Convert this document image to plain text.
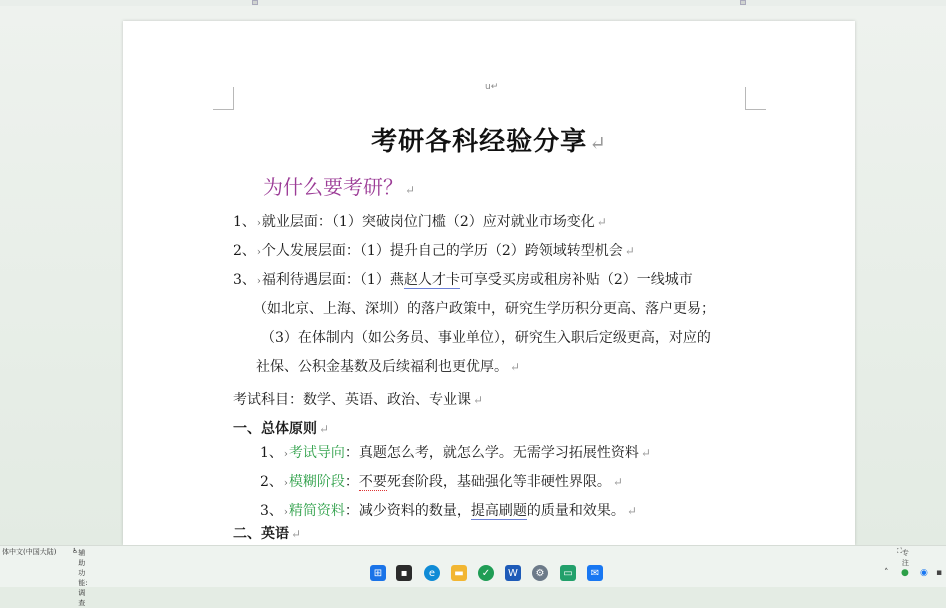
u↵
考研各科经验分享 ↵
为什么要考研？ ↵
1、›就业层面：（1）突破岗位门槛（2）应对就业市场变化 ↵
2、›个人发展层面：（1）提升自己的学历（2）跨领域转型机会 ↵
3、›福利待遇层面：（1）燕赵人才卡可享受买房或租房补贴（2）一线城市
（如北京、上海、深圳）的落户政策中，研究生学历积分更高、落户更易；
（3）在体制内（如公务员、事业单位），研究生入职后定级更高，对应的
社保、公积金基数及后续福利也更优厚。 ↵
考试科目：数学、英语、政治、专业课 ↵
一、总体原则 ↵
1、›考试导向：真题怎么考，就怎么学。无需学习拓展性资料 ↵
2、›模糊阶段：不要死套阶段，基础强化等非硬性界限。 ↵
3、›精简资料：减少资料的数量，提高刷题的质量和效果。 ↵
二、英语 ↵
体中文(中国大陆) ♿ 辅助功能: 调查
⛶ 专注
⊞	▪	e	▬	✓	W	⚙	▭	✉	˄ ● ◉ ▪
